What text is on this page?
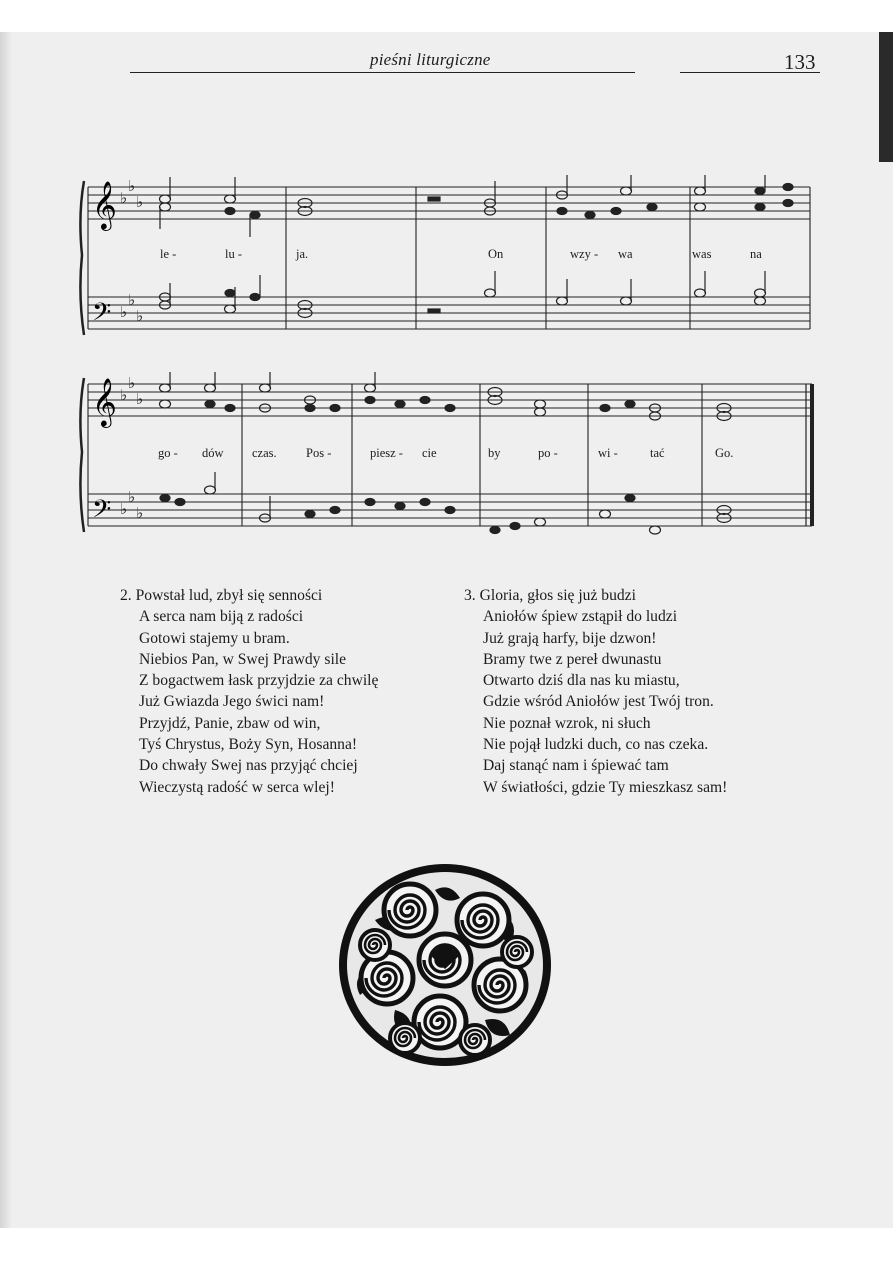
pieśni liturgiczne	133
𝄞
𝄢
♭
♭
♭
♭
♭
♭
le -	lu -	ja.	On	wzy - wa	was	na
𝄞
𝄢
♭
♭
♭
♭
♭
♭
go - dów czas. Pos -	piesz - cie	by	po -	wi -	tać	Go.
2. Powstał lud, zbył się senności
A serca nam biją z radości
Gotowi stajemy u bram.
Niebios Pan, w Swej Prawdy sile
Z bogactwem łask przyjdzie za chwilę
Już Gwiazda Jego świci nam!
Przyjdź, Panie, zbaw od win,
Tyś Chrystus, Boży Syn, Hosanna!
Do chwały Swej nas przyjąć chciej
Wieczystą radość w serca wlej!
3. Gloria, głos się już budzi
Aniołów śpiew zstąpił do ludzi
Już grają harfy, bije dzwon!
Bramy twe z pereł dwunastu
Otwarto dziś dla nas ku miastu,
Gdzie wśród Aniołów jest Twój tron.
Nie poznał wzrok, ni słuch
Nie pojął ludzki duch, co nas czeka.
Daj stanąć nam i śpiewać tam
W światłości, gdzie Ty mieszkasz sam!
